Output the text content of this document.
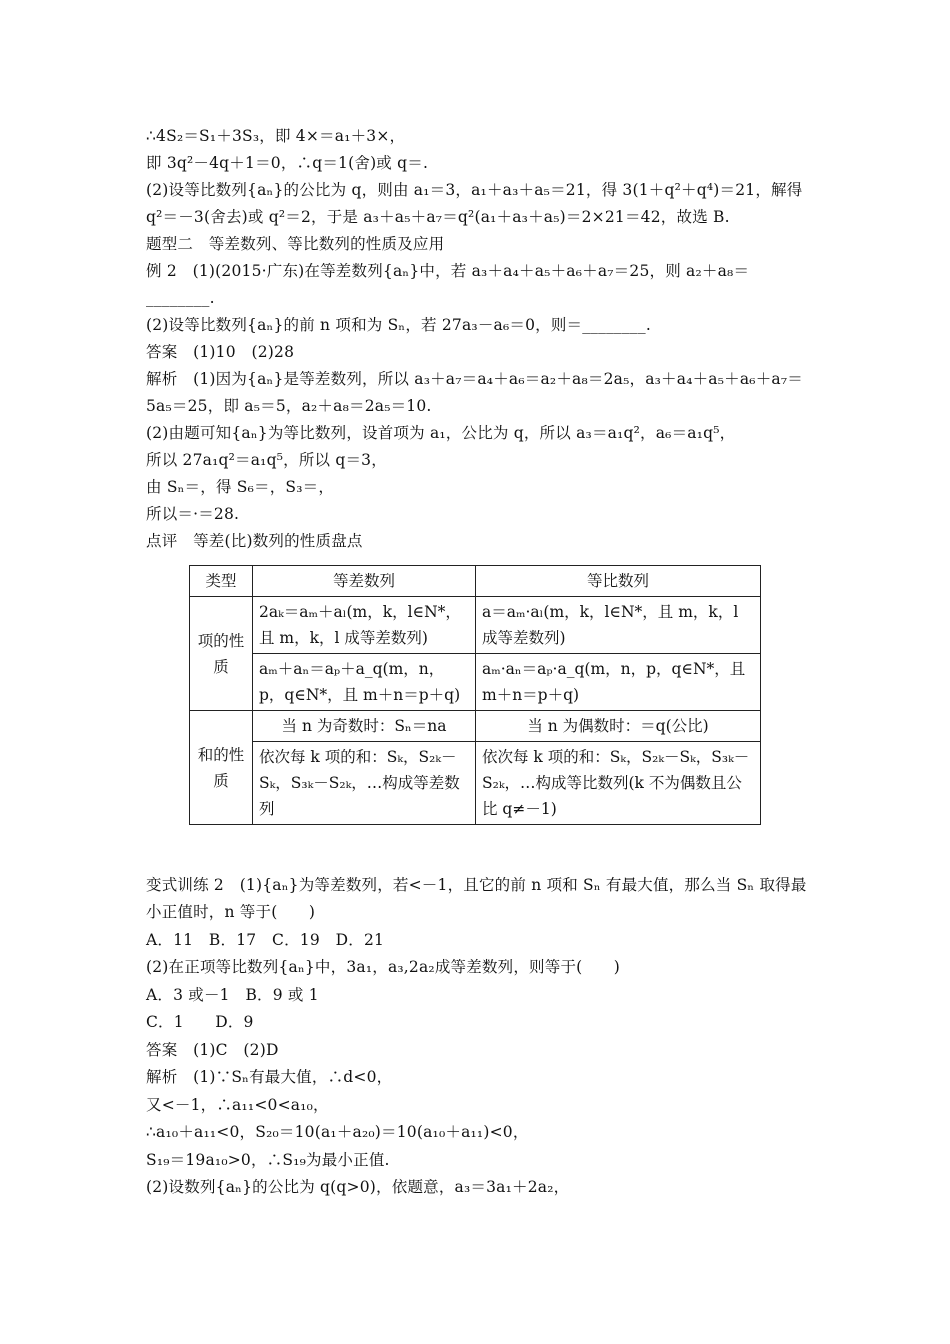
∴4S₂＝S₁＋3S₃，即 4×＝a₁＋3×，
即 3q²－4q＋1＝0，∴q＝1(舍)或 q＝.
(2)设等比数列{aₙ}的公比为 q，则由 a₁＝3，a₁＋a₃＋a₅＝21，得 3(1＋q²＋q⁴)＝21，解得
q²＝－3(舍去)或 q²＝2，于是 a₃＋a₅＋a₇＝q²(a₁＋a₃＋a₅)＝2×21＝42，故选 B.
题型二　等差数列、等比数列的性质及应用
例 2　(1)(2015·广东)在等差数列{aₙ}中，若 a₃＋a₄＋a₅＋a₆＋a₇＝25，则 a₂＋a₈＝
________.
(2)设等比数列{aₙ}的前 n 项和为 Sₙ，若 27a₃－a₆＝0，则＝________.
答案　(1)10　(2)28
解析　(1)因为{aₙ}是等差数列，所以 a₃＋a₇＝a₄＋a₆＝a₂＋a₈＝2a₅，a₃＋a₄＋a₅＋a₆＋a₇＝
5a₅＝25，即 a₅＝5，a₂＋a₈＝2a₅＝10.
(2)由题可知{aₙ}为等比数列，设首项为 a₁，公比为 q，所以 a₃＝a₁q²，a₆＝a₁q⁵，
所以 27a₁q²＝a₁q⁵，所以 q＝3，
由 Sₙ＝，得 S₆＝，S₃＝，
所以＝·＝28.
点评　等差(比)数列的性质盘点
类型	等差数列	等比数列
项的性质	2aₖ＝aₘ＋aₗ(m，k，l∈N*，且 m，k，l 成等差数列)	a＝aₘ·aₗ(m，k，l∈N*，且 m，k，l 成等差数列)
	aₘ＋aₙ＝aₚ＋a_q(m，n，p，q∈N*，且 m＋n＝p＋q)	aₘ·aₙ＝aₚ·a_q(m，n，p，q∈N*，且 m＋n＝p＋q)
和的性质	当 n 为奇数时：Sₙ＝na	当 n 为偶数时：＝q(公比)
	依次每 k 项的和：Sₖ，S₂ₖ－Sₖ，S₃ₖ－S₂ₖ，…构成等差数列	依次每 k 项的和：Sₖ，S₂ₖ－Sₖ，S₃ₖ－S₂ₖ，…构成等比数列(k 不为偶数且公比 q≠－1)
变式训练 2　(1){aₙ}为等差数列，若<－1，且它的前 n 项和 Sₙ 有最大值，那么当 Sₙ 取得最
小正值时，n 等于(　　)
A．11　B．17　C．19　D．21
(2)在正项等比数列{aₙ}中，3a₁，a₃,2a₂成等差数列，则等于(　　)
A．3 或－1　B．9 或 1
C．1　　D．9
答案　(1)C　(2)D
解析　(1)∵Sₙ有最大值，∴d<0，
又<－1，∴a₁₁<0<a₁₀，
∴a₁₀＋a₁₁<0，S₂₀＝10(a₁＋a₂₀)＝10(a₁₀＋a₁₁)<0，
S₁₉＝19a₁₀>0，∴S₁₉为最小正值.
(2)设数列{aₙ}的公比为 q(q>0)，依题意，a₃＝3a₁＋2a₂，
